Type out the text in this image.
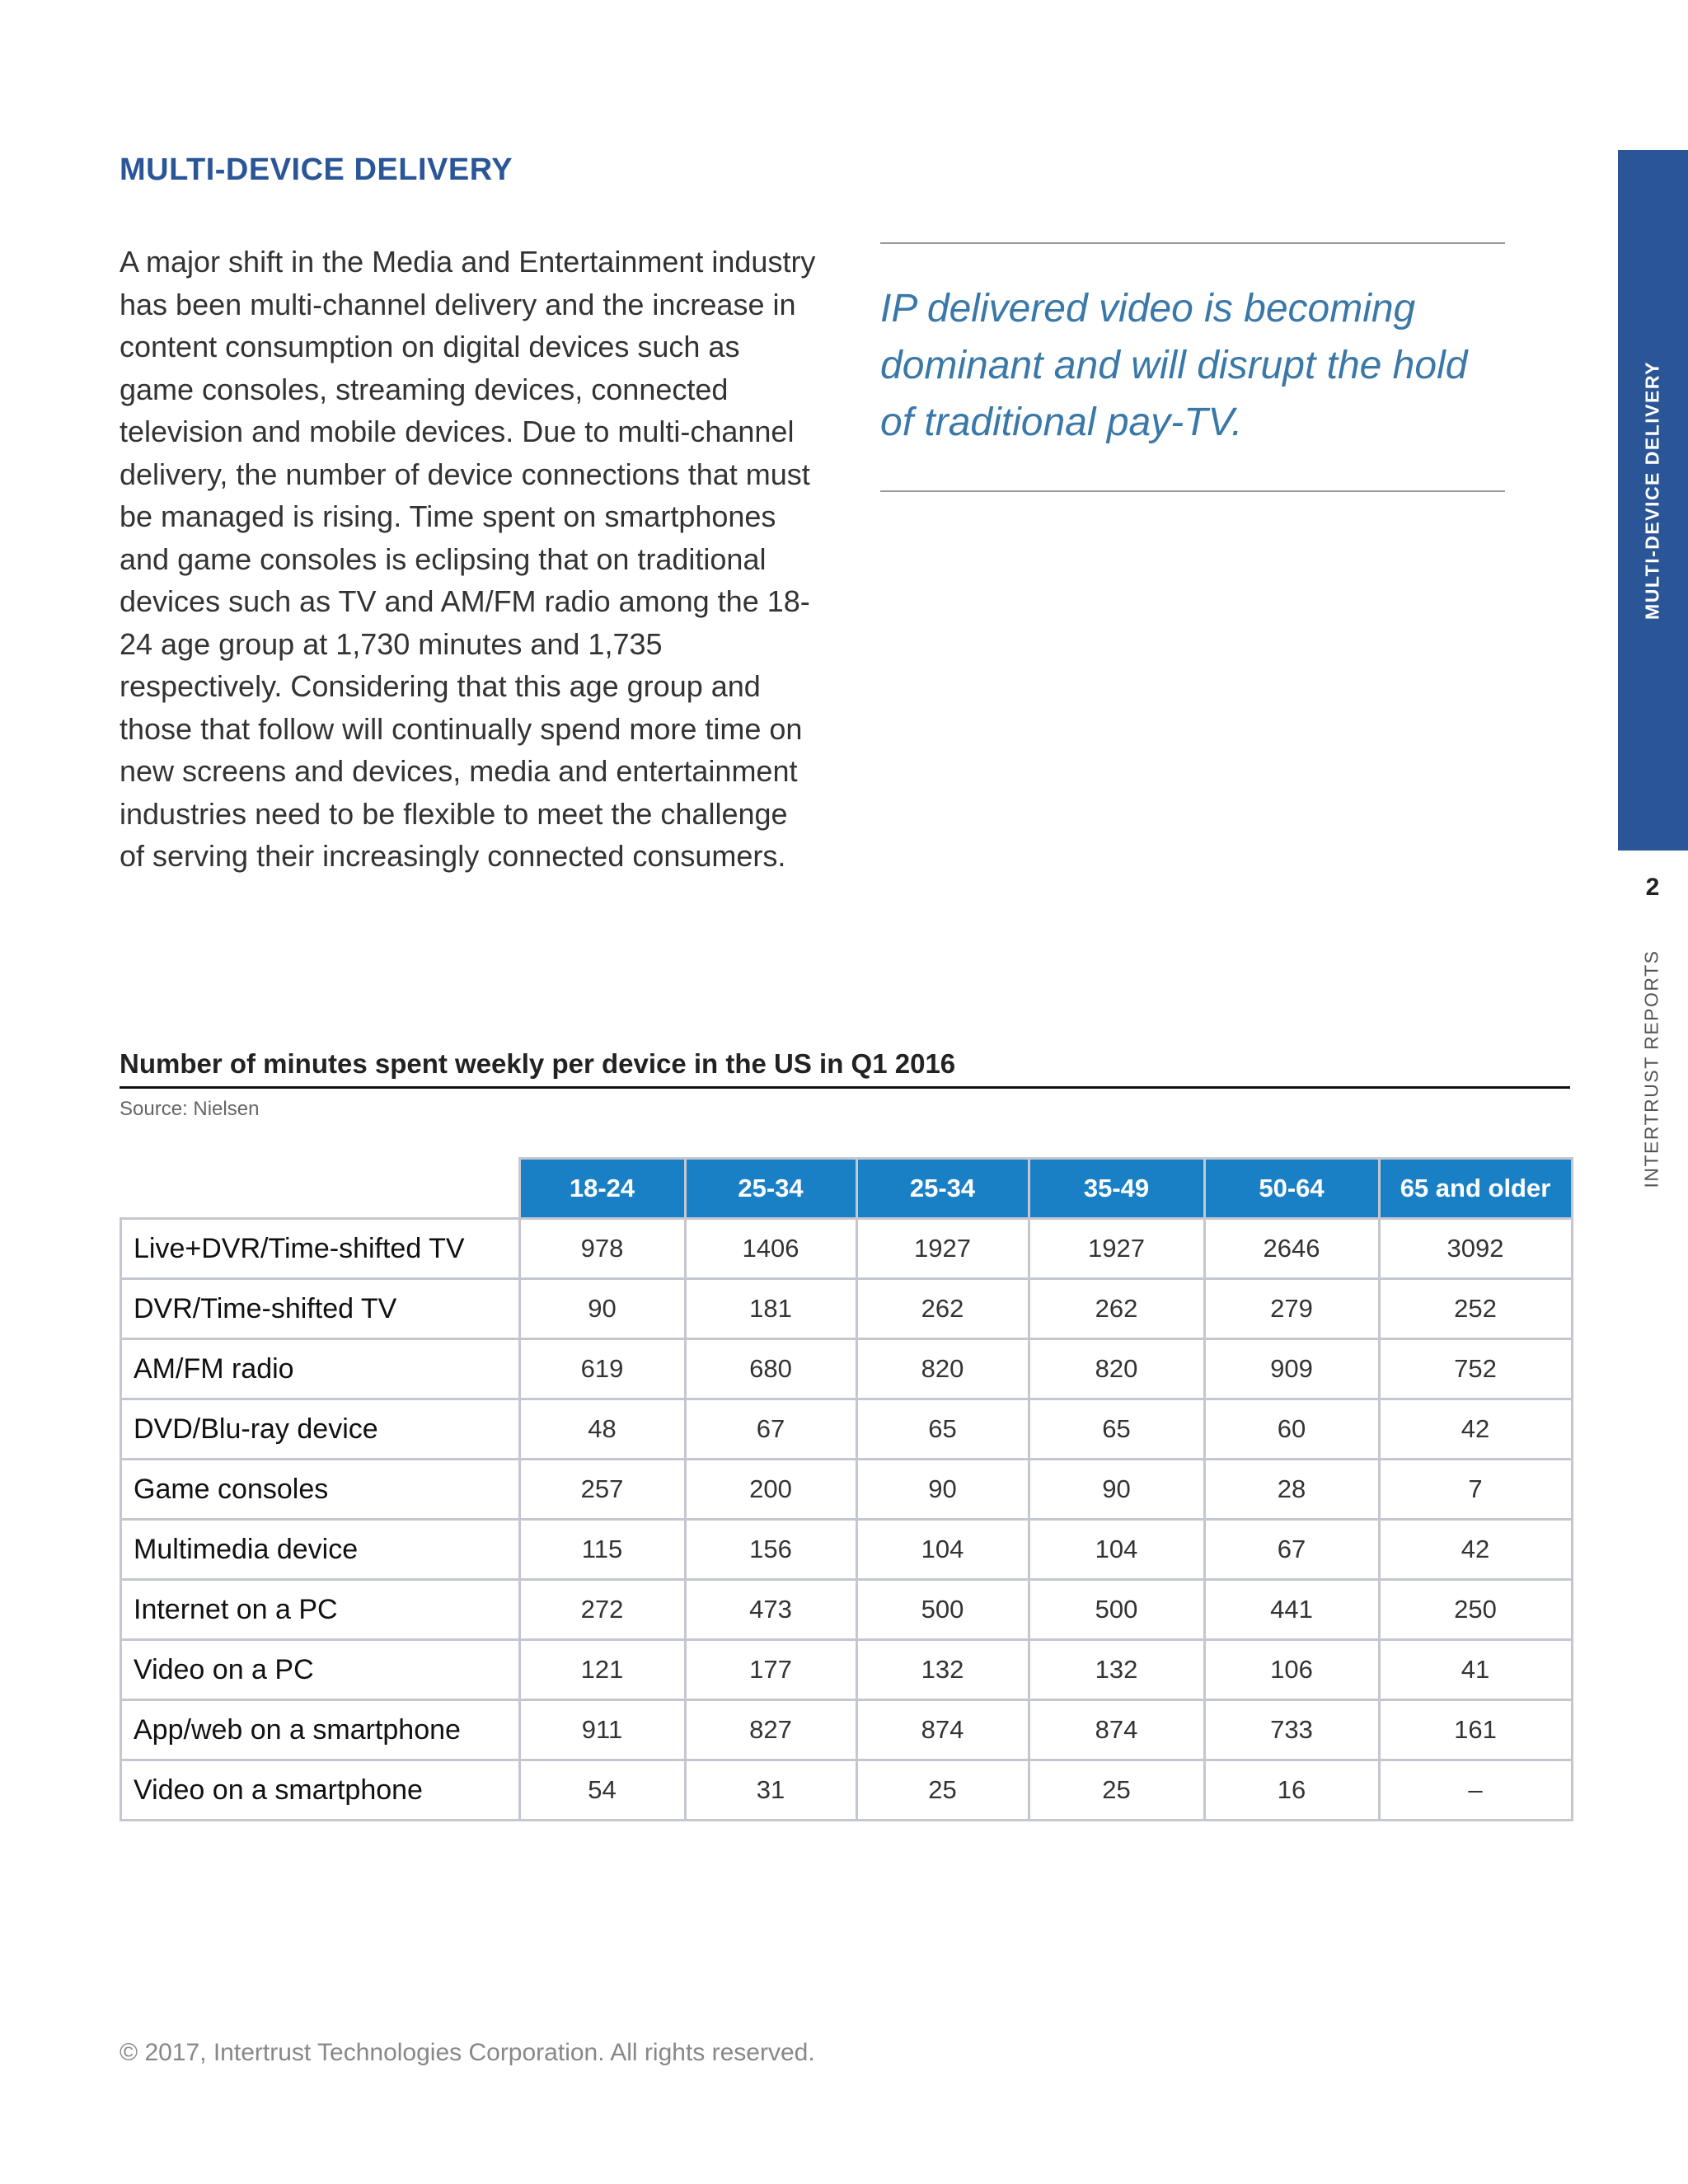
MULTI-DEVICE DELIVERY
A major shift in the Media and Entertainment industry has been multi-channel delivery and the increase in content consumption on digital devices such as game consoles, streaming devices, connected television and mobile devices. Due to multi-channel delivery, the number of device connections that must be managed is rising. Time spent on smartphones and game consoles is eclipsing that on traditional devices such as TV and AM/FM radio among the 18-24 age group at 1,730 minutes and 1,735 respectively. Considering that this age group and those that follow will continually spend more time on new screens and devices, media and entertainment industries need to be flexible to meet the challenge of serving their increasingly connected consumers.
IP delivered video is becoming dominant and will disrupt the hold of traditional pay-TV.	MULTI-DEVICE DELIVERY
2
INTERTRUST REPORTS
Number of minutes spent weekly per device in the US in Q1 2016
Source: Nielsen
	18-24	25-34	25-34	35-49	50-64	65 and older
Live+DVR/Time-shifted TV	978	1406	1927	1927	2646	3092
DVR/Time-shifted TV	90	181	262	262	279	252
AM/FM radio	619	680	820	820	909	752
DVD/Blu-ray device	48	67	65	65	60	42
Game consoles	257	200	90	90	28	7
Multimedia device	115	156	104	104	67	42
Internet on a PC	272	473	500	500	441	250
Video on a PC	121	177	132	132	106	41
App/web on a smartphone	911	827	874	874	733	161
Video on a smartphone	54	31	25	25	16	–
© 2017, Intertrust Technologies Corporation. All rights reserved.
